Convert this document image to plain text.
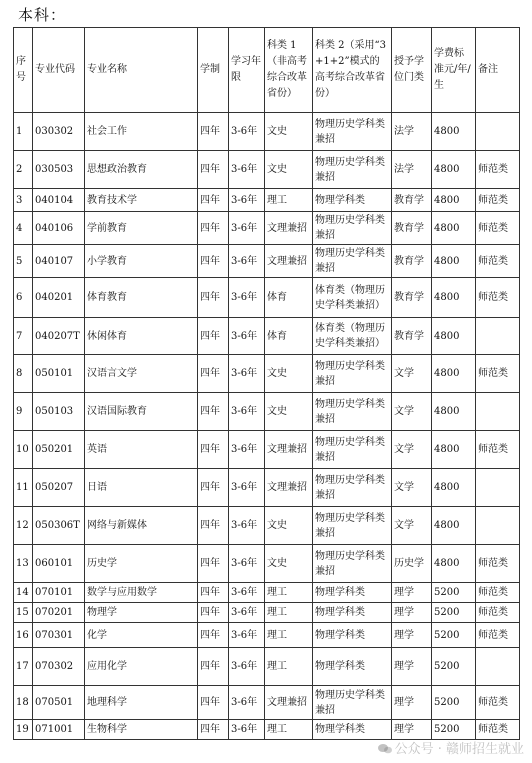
本科：
序号	专业代码	专业名称	学制	学习年限	科类 1（非高考综合改革省份）	科类 2（采用“3+1+2”模式的高考综合改革省份）	授予学位门类	学费标准元/年/生	备注
1	030302	社会工作	四年	3-6年	文史	物理历史学科类兼招	法学	4800	
2	030503	思想政治教育	四年	3-6年	文史	物理历史学科类兼招	法学	4800	师范类
3	040104	教育技术学	四年	3-6年	理工	物理学科类	教育学	4800	师范类
4	040106	学前教育	四年	3-6年	文理兼招	物理历史学科类兼招	教育学	4800	师范类
5	040107	小学教育	四年	3-6年	文理兼招	物理历史学科类兼招	教育学	4800	师范类
6	040201	体育教育	四年	3-6年	体育	体育类（物理历史学科类兼招）	教育学	4800	师范类
7	040207T	休闲体育	四年	3-6年	体育	体育类（物理历史学科类兼招）	教育学	4800	
8	050101	汉语言文学	四年	3-6年	文史	物理历史学科类兼招	文学	4800	师范类
9	050103	汉语国际教育	四年	3-6年	文史	物理历史学科类兼招	文学	4800	
10	050201	英语	四年	3-6年	文理兼招	物理历史学科类兼招	文学	4800	师范类
11	050207	日语	四年	3-6年	文理兼招	物理历史学科类兼招	文学	4800	
12	050306T	网络与新媒体	四年	3-6年	文史	物理历史学科类兼招	文学	4800	
13	060101	历史学	四年	3-6年	文史	物理历史学科类兼招	历史学	4800	师范类
14	070101	数学与应用数学	四年	3-6年	理工	物理学科类	理学	5200	师范类
15	070201	物理学	四年	3-6年	理工	物理学科类	理学	5200	师范类
16	070301	化学	四年	3-6年	理工	物理学科类	理学	5200	师范类
17	070302	应用化学	四年	3-6年	理工	物理学科类	理学	5200	
18	070501	地理科学	四年	3-6年	文理兼招	物理历史学科类兼招	理学	5200	师范类
19	071001	生物科学	四年	3-6年	理工	物理学科类	理学	5200	师范类
公众号 · 赣师招生就业
